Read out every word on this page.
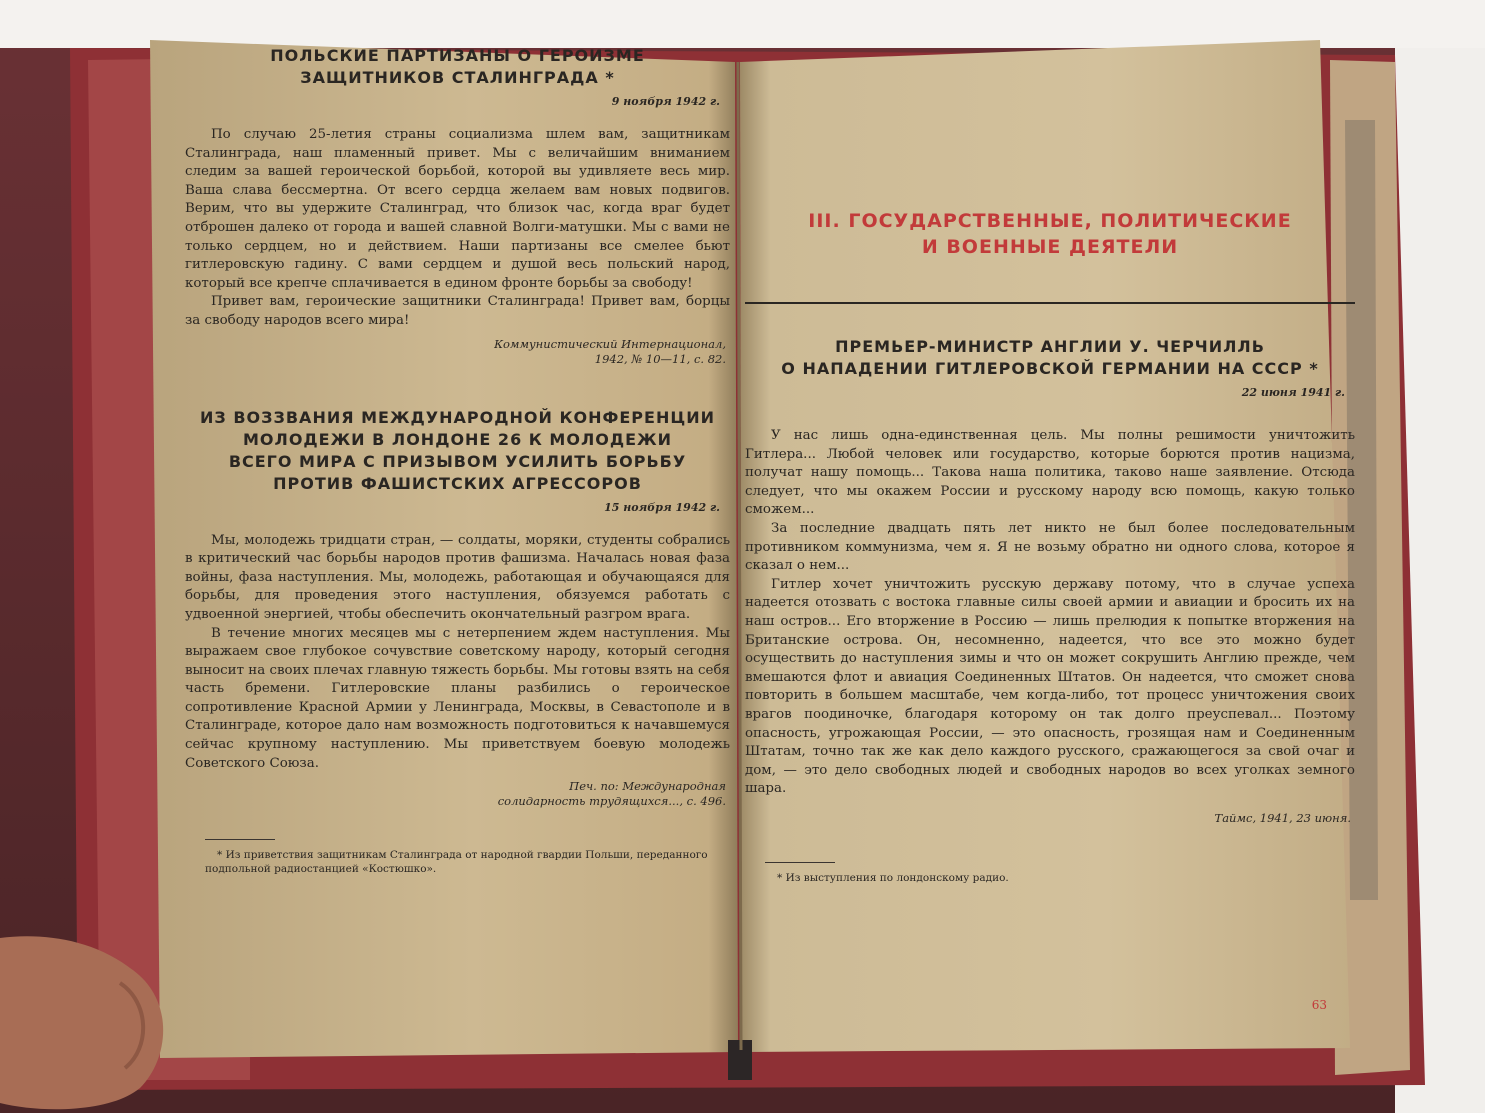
ПОЛЬСКИЕ ПАРТИЗАНЫ О ГЕРОИЗМЕ

ЗАЩИТНИКОВ СТАЛИНГРАДА *

9 ноября 1942 г.

По случаю 25-летия страны социализма шлем вам, защитникам Сталинграда, наш пламенный привет. Мы с величайшим вниманием следим за вашей героической борьбой, которой вы удивляете весь мир. Ваша слава бессмертна. От всего сердца желаем вам новых подвигов. Верим, что вы удержите Сталинград, что близок час, когда враг будет отброшен далеко от города и вашей славной Волги-матушки. Мы с вами не только сердцем, но и действием. Наши партизаны все смелее бьют гитлеровскую гадину. С вами сердцем и душой весь польский народ, который все крепче сплачивается в едином фронте борьбы за свободу!

Привет вам, героические защитники Сталинграда! Привет вам, борцы за свободу народов всего мира!

Коммунистический Интернационал,
1942, № 10—11, с. 82.

ИЗ ВОЗЗВАНИЯ МЕЖДУНАРОДНОЙ КОНФЕРЕНЦИИ

МОЛОДЕЖИ В ЛОНДОНЕ 26 К МОЛОДЕЖИ

ВСЕГО МИРА С ПРИЗЫВОМ УСИЛИТЬ БОРЬБУ

ПРОТИВ ФАШИСТСКИХ АГРЕССОРОВ

15 ноября 1942 г.

Мы, молодежь тридцати стран, — солдаты, моряки, студенты собрались в критический час борьбы народов против фашизма. Началась новая фаза войны, фаза наступления. Мы, молодежь, работающая и обучающаяся для борьбы, для проведения этого наступления, обязуемся работать с удвоенной энергией, чтобы обеспечить окончательный разгром врага.

В течение многих месяцев мы с нетерпением ждем наступления. Мы выражаем свое глубокое сочувствие советскому народу, который сегодня выносит на своих плечах главную тяжесть борьбы. Мы готовы взять на себя часть бремени. Гитлеровские планы разбились о героическое сопротивление Красной Армии у Ленинграда, Москвы, в Севастополе и в Сталинграде, которое дало нам возможность подготовиться к начавшемуся сейчас крупному наступлению. Мы приветствуем боевую молодежь Советского Союза.

Печ. по: Международная
солидарность трудящихся..., с. 496.

* Из приветствия защитникам Сталинграда от народной гвардии Польши, переданного подпольной радиостанцией «Костюшко».

III. ГОСУДАРСТВЕННЫЕ, ПОЛИТИЧЕСКИЕ

И ВОЕННЫЕ ДЕЯТЕЛИ

ПРЕМЬЕР-МИНИСТР АНГЛИИ У. ЧЕРЧИЛЛЬ

О НАПАДЕНИИ ГИТЛЕРОВСКОЙ ГЕРМАНИИ НА СССР *

22 июня 1941 г.

У нас лишь одна-единственная цель. Мы полны решимости уничтожить Гитлера... Любой человек или государство, которые борются против нацизма, получат нашу помощь... Такова наша политика, таково наше заявление. Отсюда следует, что мы окажем России и русскому народу всю помощь, какую только сможем...

За последние двадцать пять лет никто не был более последовательным противником коммунизма, чем я. Я не возьму обратно ни одного слова, которое я сказал о нем...

Гитлер хочет уничтожить русскую державу потому, что в случае успеха надеется отозвать с востока главные силы своей армии и авиации и бросить их на наш остров... Его вторжение в Россию — лишь прелюдия к попытке вторжения на Британские острова. Он, несомненно, надеется, что все это можно будет осуществить до наступления зимы и что он может сокрушить Англию прежде, чем вмешаются флот и авиация Соединенных Штатов. Он надеется, что сможет снова повторить в большем масштабе, чем когда-либо, тот процесс уничтожения своих врагов поодиночке, благодаря которому он так долго преуспевал... Поэтому опасность, угрожающая России, — это опасность, грозящая нам и Соединенным Штатам, точно так же как дело каждого русского, сражающегося за свой очаг и дом, — это дело свободных людей и свободных народов во всех уголках земного шара.

Таймс, 1941, 23 июня.

* Из выступления по лондонскому радио.

63
